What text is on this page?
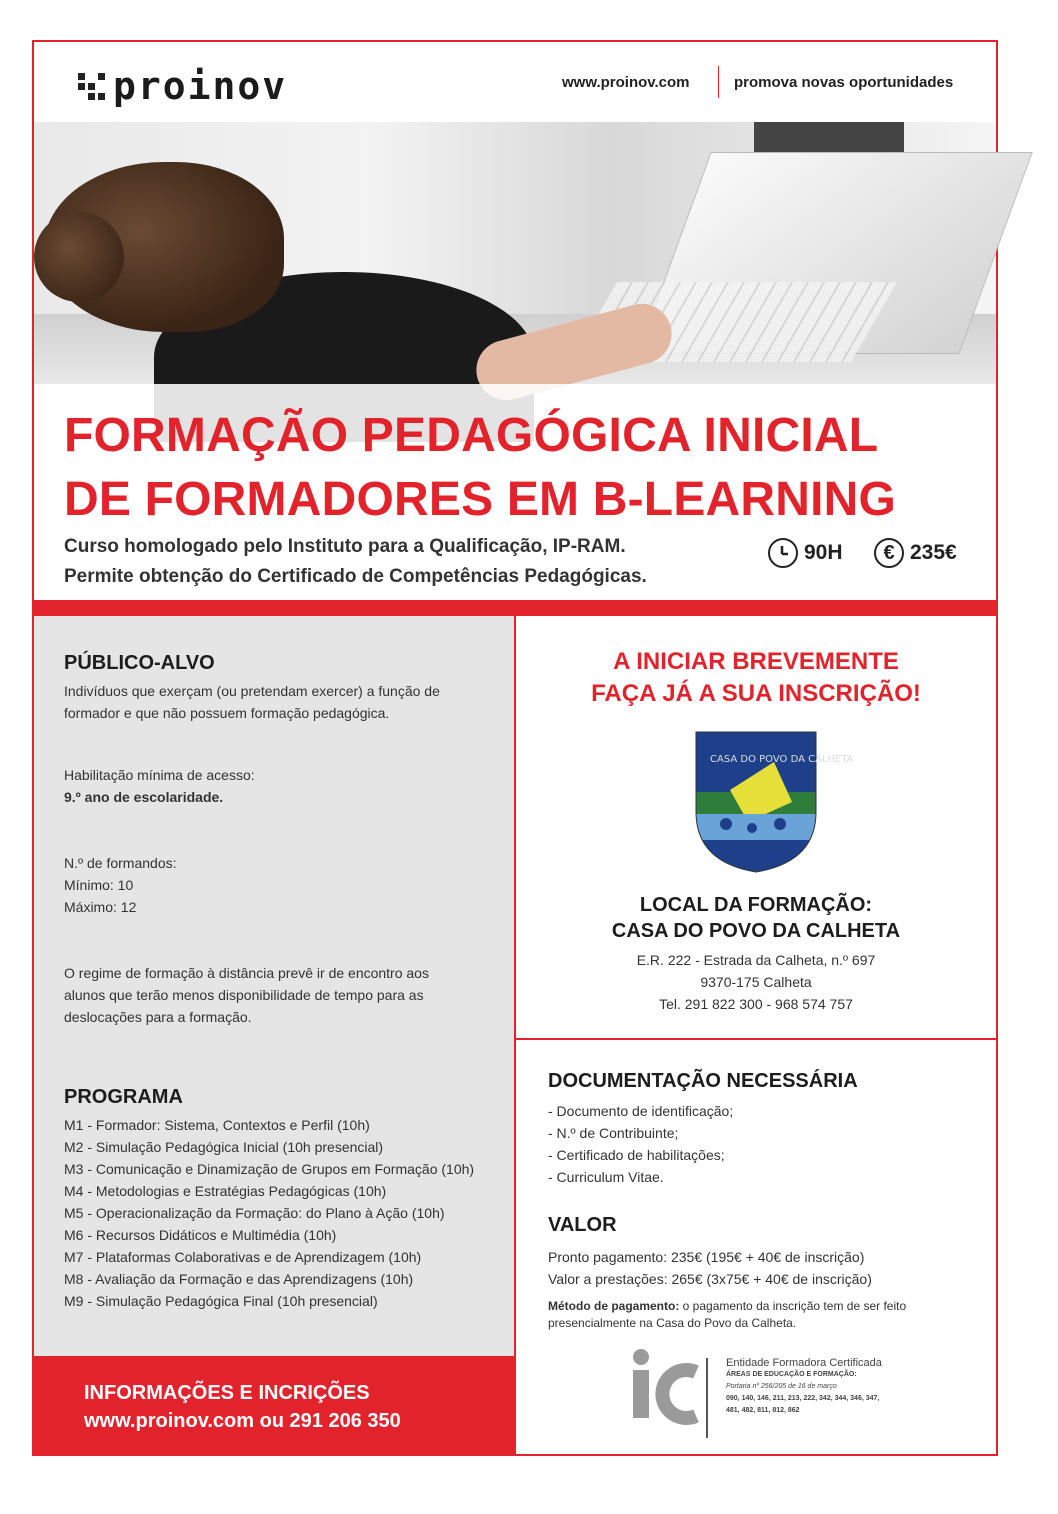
proinov	www.proinov.com	promova novas oportunidades
FORMAÇÃO PEDAGÓGICA INICIAL
DE FORMADORES EM B-LEARNING
Curso homologado pelo Instituto para a Qualificação, IP-RAM.
Permite obtenção do Certificado de Competências Pedagógicas.
90H	€ 235€
PÚBLICO-ALVO
Indivíduos que exerçam (ou pretendam exercer) a função de
formador e que não possuem formação pedagógica.
Habilitação mínima de acesso:
9.º ano de escolaridade.
N.º de formandos:
Mínimo: 10
Máximo: 12
O regime de formação à distância prevê ir de encontro aos
alunos que terão menos disponibilidade de tempo para as
deslocações para a formação.
PROGRAMA
M1 - Formador: Sistema, Contextos e Perfil (10h)
M2 - Simulação Pedagógica Inicial (10h presencial)
M3 - Comunicação e Dinamização de Grupos em Formação (10h)
M4 - Metodologias e Estratégias Pedagógicas (10h)
M5 - Operacionalização da Formação: do Plano à Ação (10h)
M6 - Recursos Didáticos e Multimédia (10h)
M7 - Plataformas Colaborativas e de Aprendizagem (10h)
M8 - Avaliação da Formação e das Aprendizagens (10h)
M9 - Simulação Pedagógica Final (10h presencial)
INFORMAÇÕES E INCRIÇÕES
www.proinov.com ou 291 206 350
A INICIAR BREVEMENTE
FAÇA JÁ A SUA INSCRIÇÃO!
CASA DO POVO DA CALHETA
LOCAL DA FORMAÇÃO:
CASA DO POVO DA CALHETA
E.R. 222 - Estrada da Calheta, n.º 697
9370-175 Calheta
Tel. 291 822 300 - 968 574 757
DOCUMENTAÇÃO NECESSÁRIA
- Documento de identificação;
- N.º de Contribuinte;
- Certificado de habilitações;
- Curriculum Vitae.
VALOR
Pronto pagamento: 235€ (195€ + 40€ de inscrição)
Valor a prestações: 265€ (3x75€ + 40€ de inscrição)
Método de pagamento: o pagamento da inscrição tem de ser feito
presencialmente na Casa do Povo da Calheta.
Entidade Formadora Certificada
ÁREAS DE EDUCAÇÃO E FORMAÇÃO:
Portaria nº 256/205 de 16 de março
090, 140, 146, 211, 213, 222, 342, 344, 346, 347,
481, 482, 811, 812, 862
